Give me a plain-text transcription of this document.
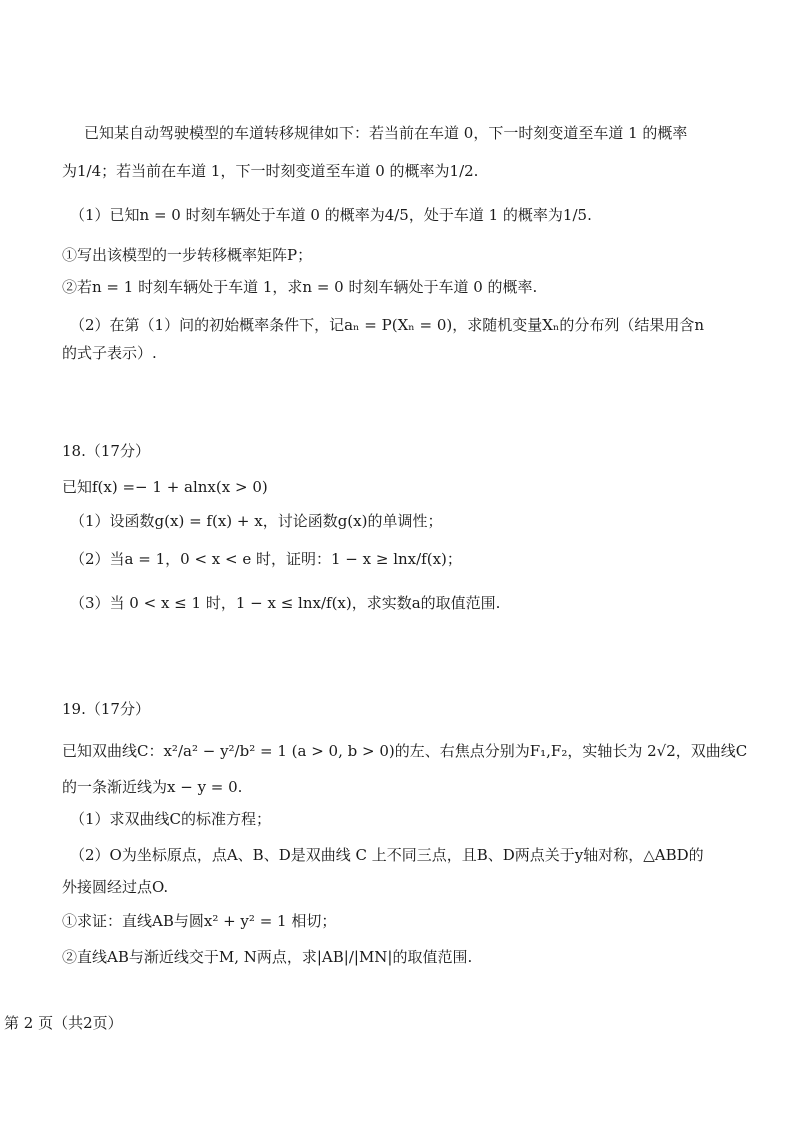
已知某自动驾驶模型的车道转移规律如下：若当前在车道 0，下一时刻变道至车道 1 的概率
为1/4；若当前在车道 1，下一时刻变道至车道 0 的概率为1/2.
（1）已知n = 0 时刻车辆处于车道 0 的概率为4/5，处于车道 1 的概率为1/5.
①写出该模型的一步转移概率矩阵P；
②若n = 1 时刻车辆处于车道 1，求n = 0 时刻车辆处于车道 0 的概率.
（2）在第（1）问的初始概率条件下，记aₙ = P(Xₙ = 0)，求随机变量Xₙ的分布列（结果用含n
的式子表示）.
18.（17分）
已知f(x) =− 1 + alnx(x > 0)
（1）设函数g(x) = f(x) + x，讨论函数g(x)的单调性；
（2）当a = 1，0 < x < e 时，证明：1 − x ≥ lnx/f(x)；
（3）当 0 < x ≤ 1 时，1 − x ≤ lnx/f(x)，求实数a的取值范围.
19.（17分）
已知双曲线C：x²/a² − y²/b² = 1 (a > 0, b > 0)的左、右焦点分别为F₁,F₂，实轴长为 2√2，双曲线C
的一条渐近线为x − y = 0.
（1）求双曲线C的标准方程；
（2）O为坐标原点，点A、B、D是双曲线 C 上不同三点，且B、D两点关于y轴对称，△ABD的
外接圆经过点O.
①求证：直线AB与圆x² + y² = 1 相切；
②直线AB与渐近线交于M, N两点，求|AB|/|MN|的取值范围.
第 2 页（共2页）
